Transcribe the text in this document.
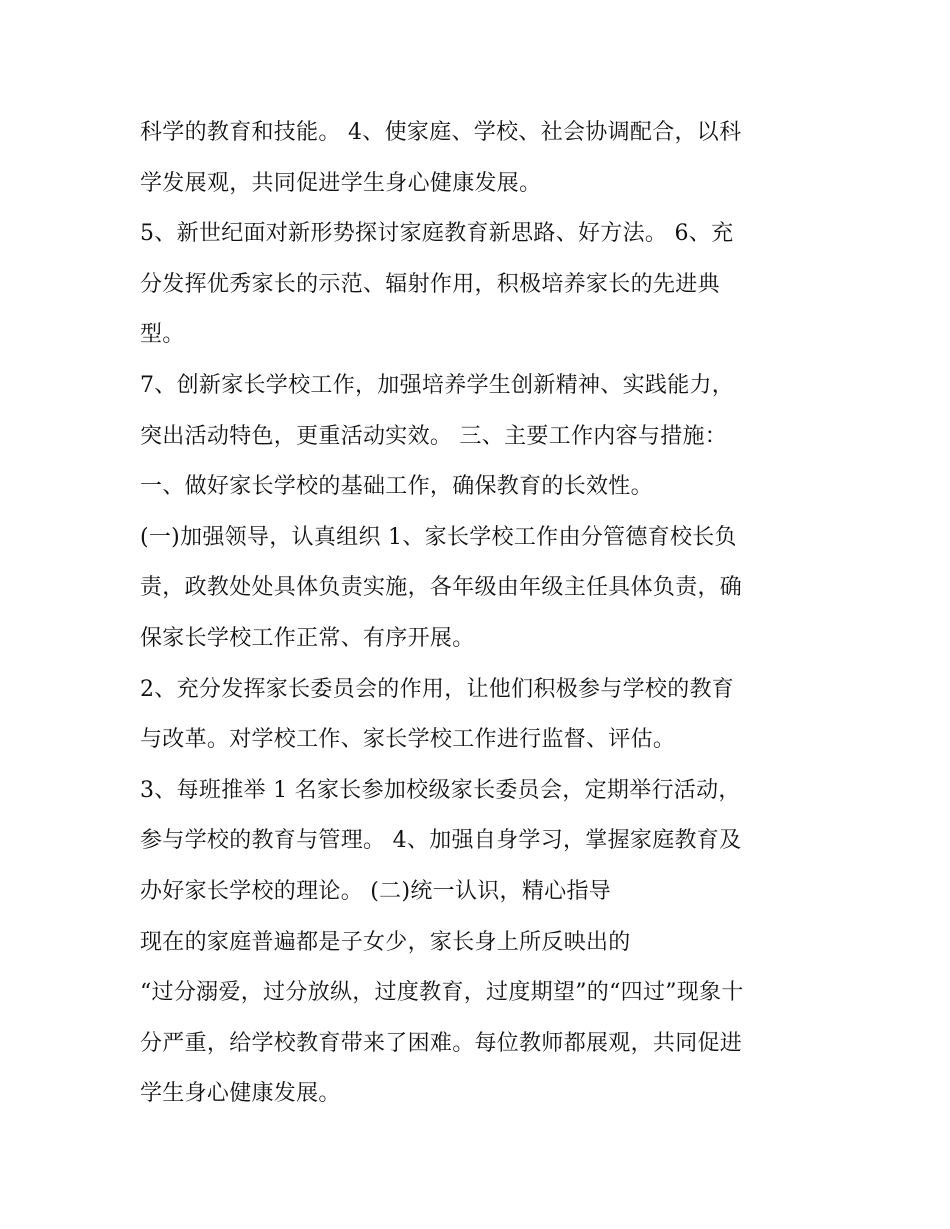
科学的教育和技能。 4、使家庭、学校、社会协调配合，以科
学发展观，共同促进学生身心健康发展。
5、新世纪面对新形势探讨家庭教育新思路、好方法。 6、充
分发挥优秀家长的示范、辐射作用，积极培养家长的先进典
型。
7、创新家长学校工作，加强培养学生创新精神、实践能力，
突出活动特色，更重活动实效。 三、主要工作内容与措施：
一、做好家长学校的基础工作，确保教育的长效性。
(一)加强领导，认真组织 1、家长学校工作由分管德育校长负
责，政教处处具体负责实施，各年级由年级主任具体负责，确
保家长学校工作正常、有序开展。
2、充分发挥家长委员会的作用，让他们积极参与学校的教育
与改革。对学校工作、家长学校工作进行监督、评估。
3、每班推举 1 名家长参加校级家长委员会，定期举行活动，
参与学校的教育与管理。 4、加强自身学习，掌握家庭教育及
办好家长学校的理论。 (二)统一认识，精心指导
现在的家庭普遍都是子女少，家长身上所反映出的
“过分溺爱，过分放纵，过度教育，过度期望”的“四过”现象十
分严重，给学校教育带来了困难。每位教师都展观，共同促进
学生身心健康发展。
